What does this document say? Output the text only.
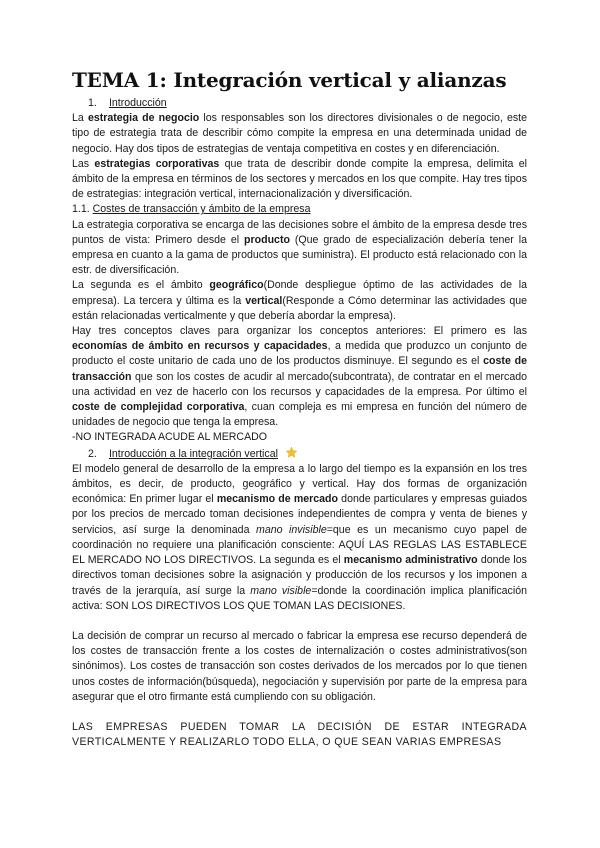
TEMA 1: Integración vertical y alianzas
1. Introducción

La estrategia de negocio los responsables son los directores divisionales o de negocio, este tipo de estrategia trata de describir cómo compite la empresa en una determinada unidad de negocio. Hay dos tipos de estrategias de ventaja competitiva en costes y en diferenciación.

Las estrategias corporativas que trata de describir donde compite la empresa, delimita el ámbito de la empresa en términos de los sectores y mercados en los que compite. Hay tres tipos de estrategias: integración vertical, internacionalización y diversificación.

1.1. Costes de transacción y ámbito de la empresa

La estrategia corporativa se encarga de las decisiones sobre el ámbito de la empresa desde tres puntos de vista: Primero desde el producto (Que grado de especialización debería tener la empresa en cuanto a la gama de productos que suministra). El producto está relacionado con la estr. de diversificación.

La segunda es el ámbito geográfico(Donde despliegue óptimo de las actividades de la empresa). La tercera y última es la vertical(Responde a Cómo determinar las actividades que están relacionadas verticalmente y que debería abordar la empresa).

Hay tres conceptos claves para organizar los conceptos anteriores: El primero es las economías de ámbito en recursos y capacidades, a medida que produzco un conjunto de producto el coste unitario de cada uno de los productos disminuye. El segundo es el coste de transacción que son los costes de acudir al mercado(subcontrata), de contratar en el mercado una actividad en vez de hacerlo con los recursos y capacidades de la empresa. Por último el coste de complejidad corporativa, cuan compleja es mi empresa en función del número de unidades de negocio que tenga la empresa.

-NO INTEGRADA ACUDE AL MERCADO

2. Introducción a la integración vertical

El modelo general de desarrollo de la empresa a lo largo del tiempo es la expansión en los tres ámbitos, es decir, de producto, geográfico y vertical. Hay dos formas de organización económica: En primer lugar el mecanismo de mercado donde particulares y empresas guiados por los precios de mercado toman decisiones independientes de compra y venta de bienes y servicios, así surge la denominada mano invisible=que es un mecanismo cuyo papel de coordinación no requiere una planificación consciente: AQUÍ LAS REGLAS LAS ESTABLECE EL MERCADO NO LOS DIRECTIVOS. La segunda es el mecanismo administrativo donde los directivos toman decisiones sobre la asignación y producción de los recursos y los imponen a través de la jerarquía, así surge la mano visible=donde la coordinación implica planificación activa: SON LOS DIRECTIVOS LOS QUE TOMAN LAS DECISIONES.

La decisión de comprar un recurso al mercado o fabricar la empresa ese recurso dependerá de los costes de transacción frente a los costes de internalización o costes administrativos(son sinónimos). Los costes de transacción son costes derivados de los mercados por lo que tienen unos costes de información(búsqueda), negociación y supervisión por parte de la empresa para asegurar que el otro firmante está cumpliendo con su obligación.

LAS EMPRESAS PUEDEN TOMAR LA DECISIÓN DE ESTAR INTEGRADA VERTICALMENTE Y REALIZARLO TODO ELLA, O QUE SEAN VARIAS EMPRESAS
